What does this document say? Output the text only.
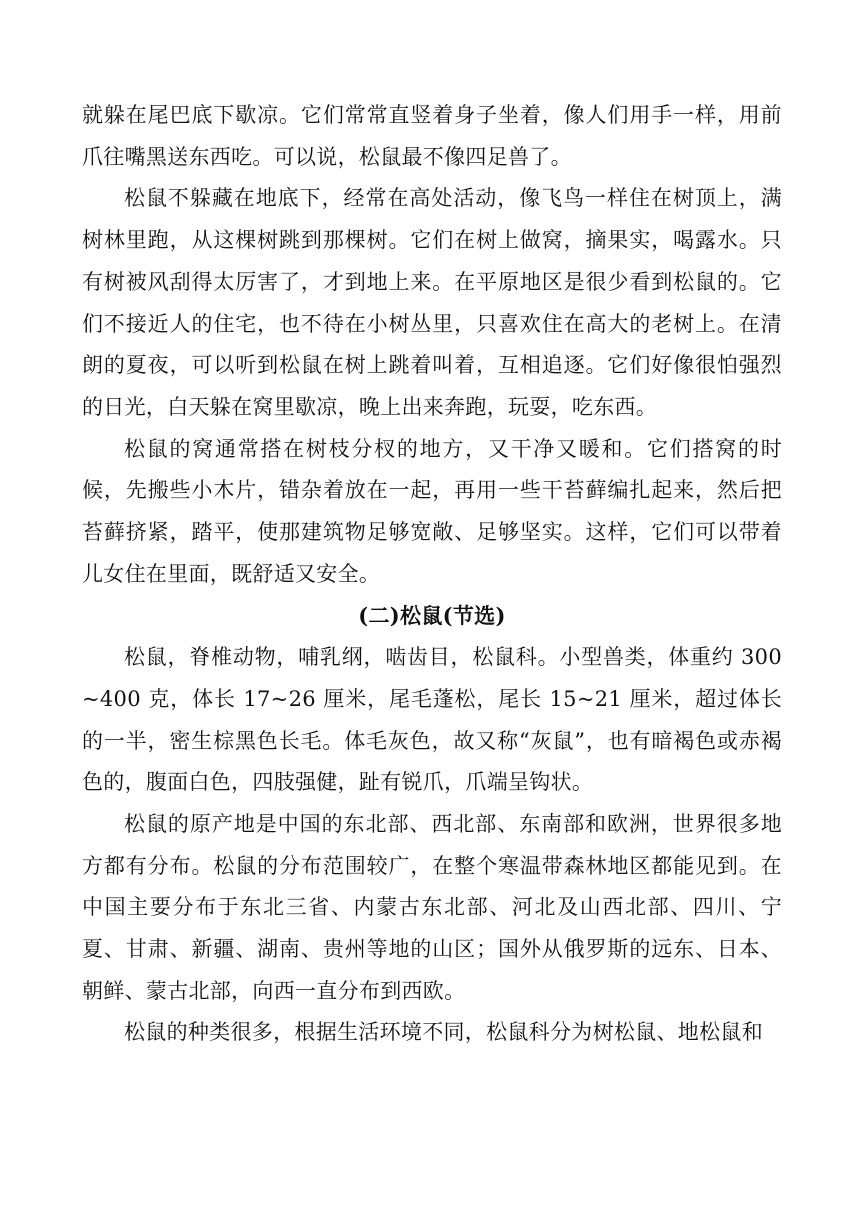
就躲在尾巴底下歇凉。它们常常直竖着身子坐着，像人们用手一样，用前爪往嘴黑送东西吃。可以说，松鼠最不像四足兽了。

松鼠不躲藏在地底下，经常在高处活动，像飞鸟一样住在树顶上，满树林里跑，从这棵树跳到那棵树。它们在树上做窝，摘果实，喝露水。只有树被风刮得太厉害了，才到地上来。在平原地区是很少看到松鼠的。它们不接近人的住宅，也不待在小树丛里，只喜欢住在高大的老树上。在清朗的夏夜，可以听到松鼠在树上跳着叫着，互相追逐。它们好像很怕强烈的日光，白天躲在窝里歇凉，晚上出来奔跑，玩耍，吃东西。

松鼠的窝通常搭在树枝分杈的地方，又干净又暖和。它们搭窝的时候，先搬些小木片，错杂着放在一起，再用一些干苔藓编扎起来，然后把苔藓挤紧，踏平，使那建筑物足够宽敞、足够坚实。这样，它们可以带着儿女住在里面，既舒适又安全。

(二)松鼠(节选)

松鼠，脊椎动物，哺乳纲，啮齿目，松鼠科。小型兽类，体重约 300~400 克，体长 17~26 厘米，尾毛蓬松，尾长 15~21 厘米，超过体长的一半，密生棕黑色长毛。体毛灰色，故又称“灰鼠”，也有暗褐色或赤褐色的，腹面白色，四肢强健，趾有锐爪，爪端呈钩状。

松鼠的原产地是中国的东北部、西北部、东南部和欧洲，世界很多地方都有分布。松鼠的分布范围较广，在整个寒温带森林地区都能见到。在中国主要分布于东北三省、内蒙古东北部、河北及山西北部、四川、宁夏、甘肃、新疆、湖南、贵州等地的山区；国外从俄罗斯的远东、日本、朝鲜、蒙古北部，向西一直分布到西欧。

松鼠的种类很多，根据生活环境不同，松鼠科分为树松鼠、地松鼠和
